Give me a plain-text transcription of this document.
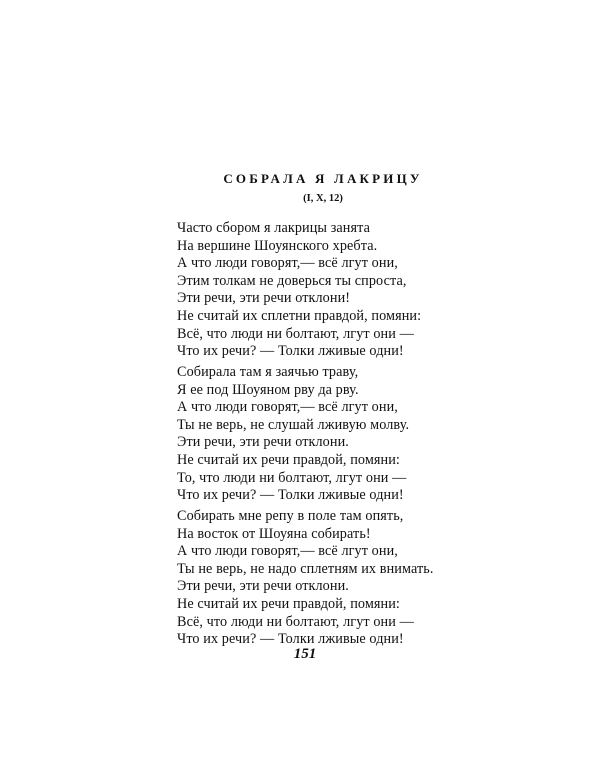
СОБРАЛА Я ЛАКРИЦУ
(I, X, 12)
Часто сбором я лакрицы занята
На вершине Шоуянского хребта.
А что люди говорят,— всё лгут они,
Этим толкам не доверься ты спроста,
Эти речи, эти речи отклони!
Не считай их сплетни правдой, помяни:
Всё, что люди ни болтают, лгут они —
Что их речи? — Толки лживые одни!
Собирала там я заячью траву,
Я ее под Шоуяном рву да рву.
А что люди говорят,— всё лгут они,
Ты не верь, не слушай лживую молву.
Эти речи, эти речи отклони.
Не считай их речи правдой, помяни:
То, что люди ни болтают, лгут они —
Что их речи? — Толки лживые одни!
Собирать мне репу в поле там опять,
На восток от Шоуяна собирать!
А что люди говорят,— всё лгут они,
Ты не верь, не надо сплетням их внимать.
Эти речи, эти речи отклони.
Не считай их речи правдой, помяни:
Всё, что люди ни болтают, лгут они —
Что их речи? — Толки лживые одни!
151
